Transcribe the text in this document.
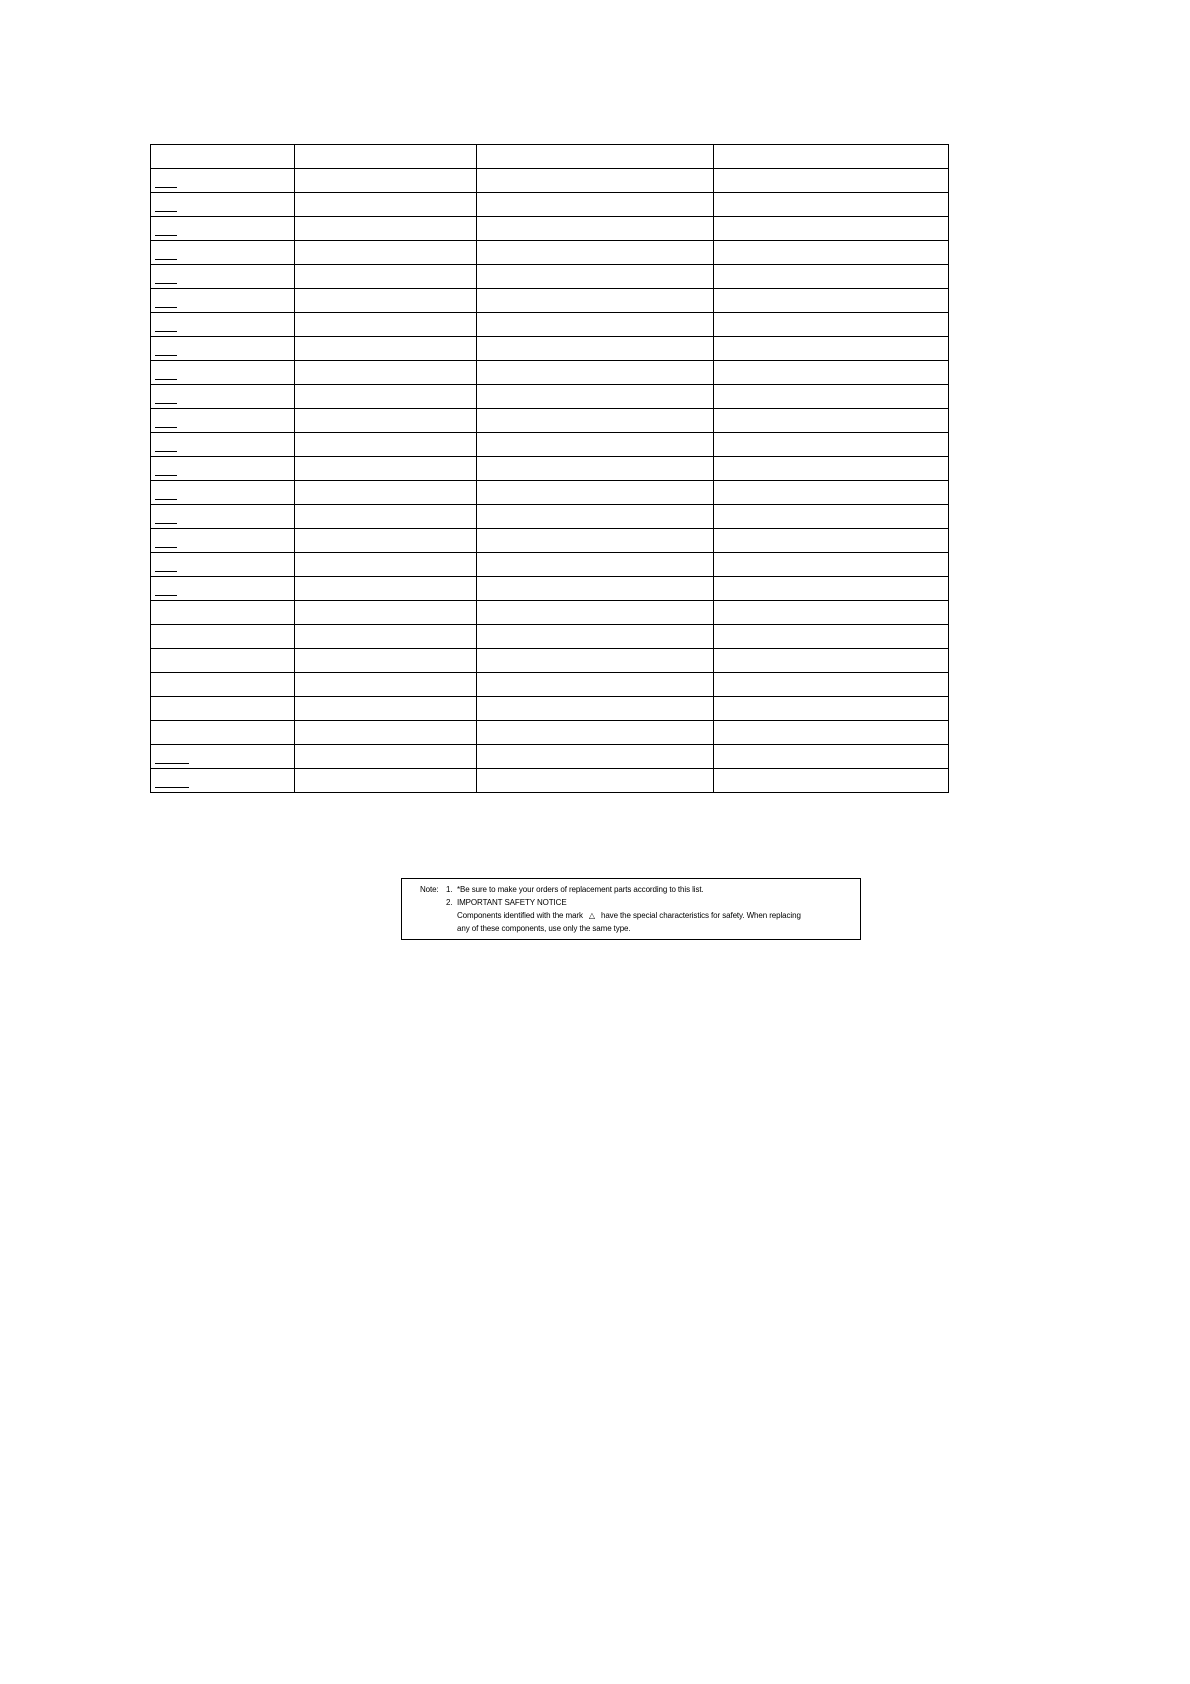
Note: 1. *Be sure to make your orders of replacement parts according to this list.
2. IMPORTANT SAFETY NOTICE
Components identified with the mark △ have the special characteristics for safety. When replacing
any of these components, use only the same type.
